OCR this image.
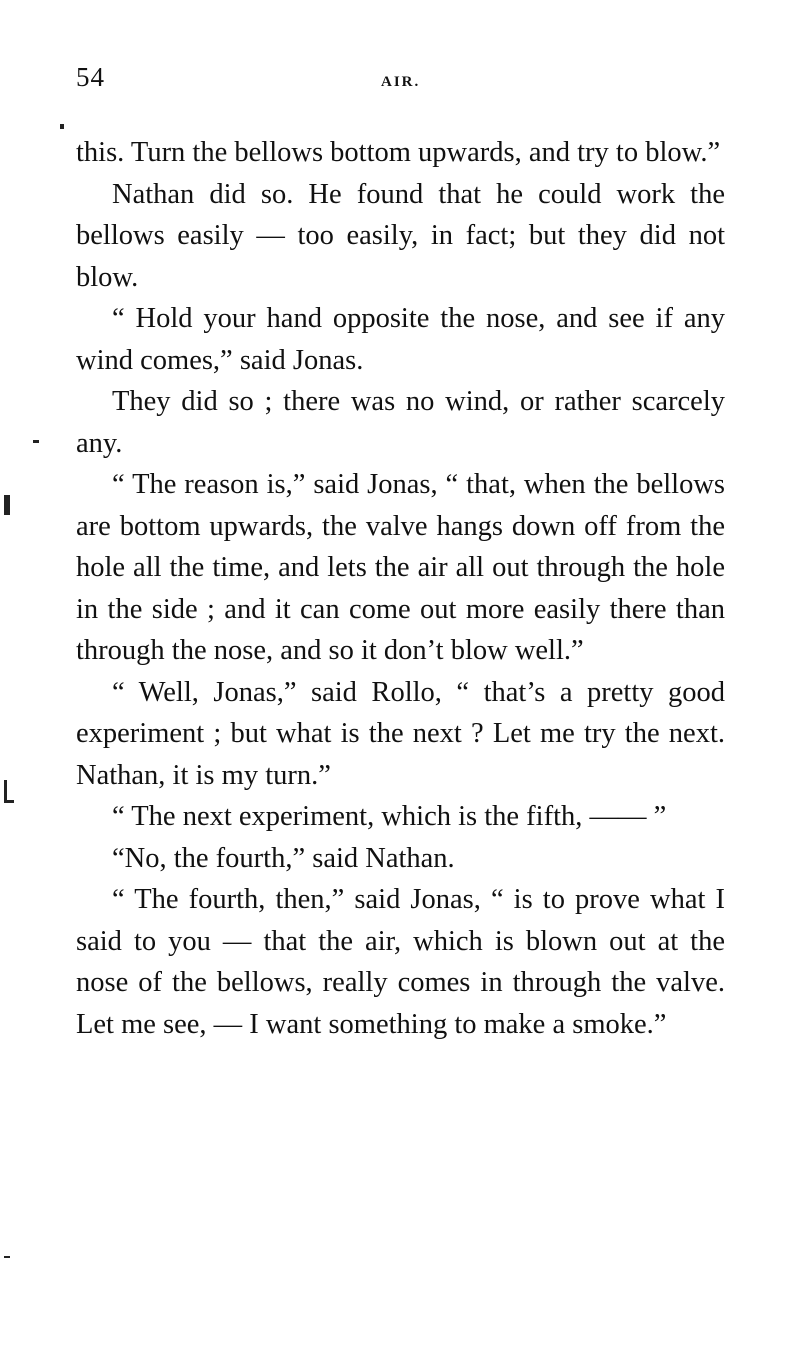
54	AIR.

this. Turn the bellows bottom upwards, and try to blow.”

Nathan did so. He found that he could work the bellows easily — too easily, in fact; but they did not blow.

“ Hold your hand opposite the nose, and see if any wind comes,” said Jonas.

They did so ; there was no wind, or rather scarcely any.

“ The reason is,” said Jonas, “ that, when the bellows are bottom upwards, the valve hangs down off from the hole all the time, and lets the air all out through the hole in the side ; and it can come out more easily there than through the nose, and so it don’t blow well.”

“ Well, Jonas,” said Rollo, “ that’s a pretty good experiment ; but what is the next ? Let me try the next. Nathan, it is my turn.”

“ The next experiment, which is the fifth, —— ”

“No, the fourth,” said Nathan.

“ The fourth, then,” said Jonas, “ is to prove what I said to you — that the air, which is blown out at the nose of the bellows, really comes in through the valve. Let me see, — I want something to make a smoke.”
